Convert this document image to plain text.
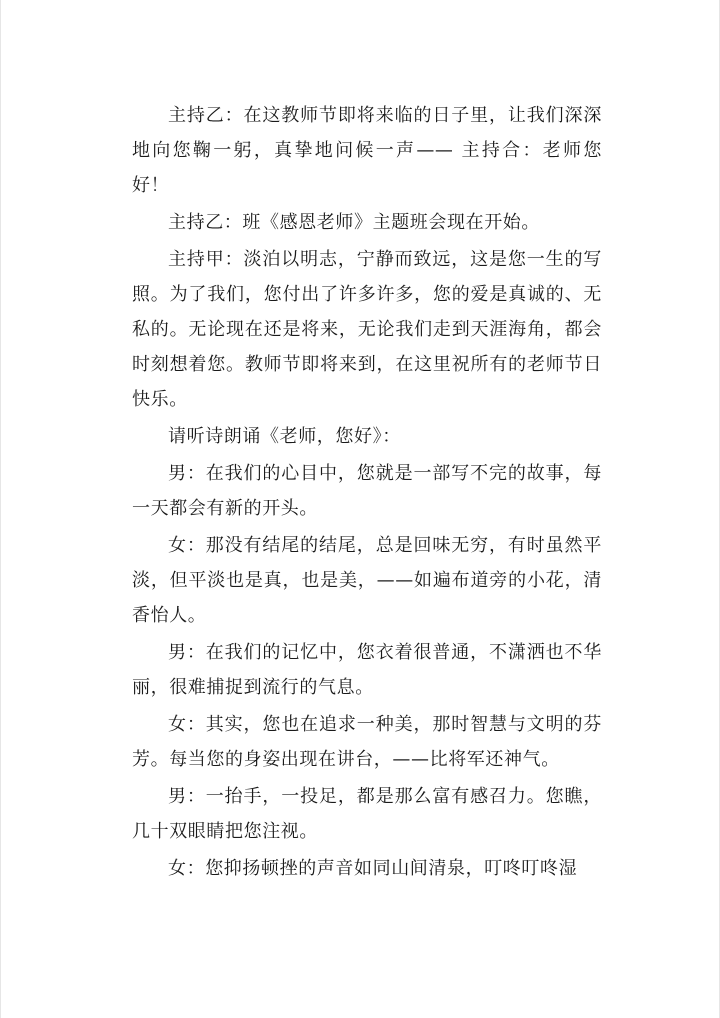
主持乙：在这教师节即将来临的日子里，让我们深深地向您鞠一躬，真挚地问候一声—— 主持合：老师您好！

主持乙：班《感恩老师》主题班会现在开始。

主持甲：淡泊以明志，宁静而致远，这是您一生的写照。为了我们，您付出了许多许多，您的爱是真诚的、无私的。无论现在还是将来，无论我们走到天涯海角，都会时刻想着您。教师节即将来到，在这里祝所有的老师节日快乐。

请听诗朗诵《老师，您好》：

男：在我们的心目中，您就是一部写不完的故事，每一天都会有新的开头。

女：那没有结尾的结尾，总是回味无穷，有时虽然平淡，但平淡也是真，也是美，——如遍布道旁的小花，清香怡人。

男：在我们的记忆中，您衣着很普通，不潇洒也不华丽，很难捕捉到流行的气息。

女：其实，您也在追求一种美，那时智慧与文明的芬芳。每当您的身姿出现在讲台，——比将军还神气。

男：一抬手，一投足，都是那么富有感召力。您瞧，几十双眼睛把您注视。

女：您抑扬顿挫的声音如同山间清泉，叮咚叮咚湿
